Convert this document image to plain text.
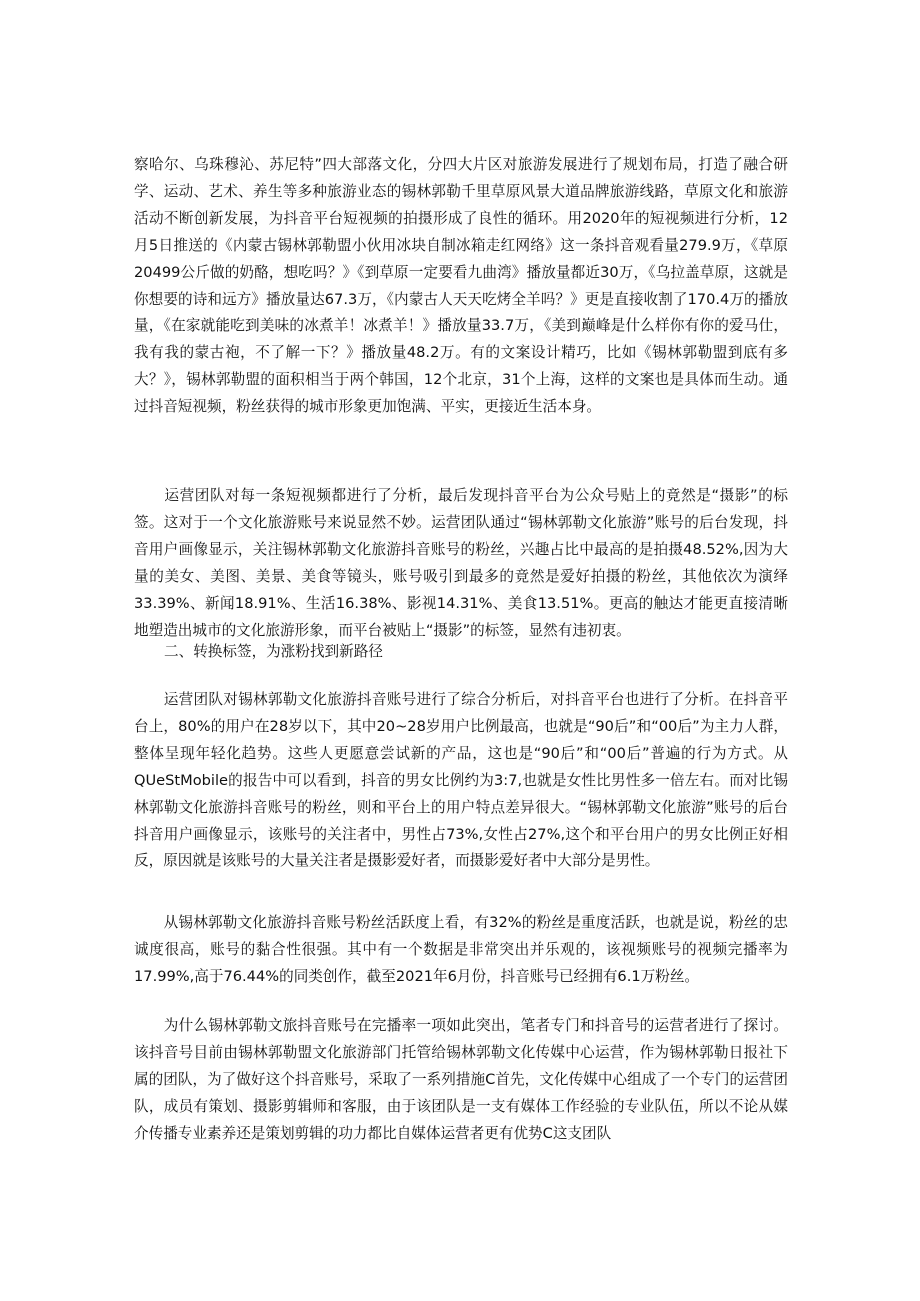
察哈尔、乌珠穆沁、苏尼特”四大部落文化，分四大片区对旅游发展进行了规划布局，打造了融合研学、运动、艺术、养生等多种旅游业态的锡林郭勒千里草原风景大道品牌旅游线路，草原文化和旅游活动不断创新发展，为抖音平台短视频的拍摄形成了良性的循环。用2020年的短视频进行分析，12月5日推送的《内蒙古锡林郭勒盟小伙用冰块自制冰箱走红网络》这一条抖音观看量279.9万，《草原20499公斤做的奶酪，想吃吗？》《到草原一定要看九曲湾》播放量都近30万，《乌拉盖草原，这就是你想要的诗和远方》播放量达67.3万，《内蒙古人天天吃烤全羊吗？》更是直接收割了170.4万的播放量，《在家就能吃到美味的冰煮羊！冰煮羊！》播放量33.7万，《美到巅峰是什么样你有你的爱马仕，我有我的蒙古袍，不了解一下？》播放量48.2万。有的文案设计精巧，比如《锡林郭勒盟到底有多大？》，锡林郭勒盟的面积相当于两个韩国，12个北京，31个上海，这样的文案也是具体而生动。通过抖音短视频，粉丝获得的城市形象更加饱满、平实，更接近生活本身。

　　运营团队对每一条短视频都进行了分析，最后发现抖音平台为公众号贴上的竟然是“摄影”的标签。这对于一个文化旅游账号来说显然不妙。运营团队通过“锡林郭勒文化旅游”账号的后台发现，抖音用户画像显示，关注锡林郭勒文化旅游抖音账号的粉丝，兴趣占比中最高的是拍摄48.52%,因为大量的美女、美图、美景、美食等镜头，账号吸引到最多的竟然是爱好拍摄的粉丝，其他依次为演绎33.39%、新闻18.91%、生活16.38%、影视14.31%、美食13.51%。更高的触达才能更直接清晰地塑造出城市的文化旅游形象，而平台被贴上“摄影”的标签，显然有违初衷。

二、转换标签，为涨粉找到新路径

　　运营团队对锡林郭勒文化旅游抖音账号进行了综合分析后，对抖音平台也进行了分析。在抖音平台上，80%的用户在28岁以下，其中20~28岁用户比例最高，也就是“90后”和“00后”为主力人群，整体呈现年轻化趋势。这些人更愿意尝试新的产品，这也是“90后”和“00后”普遍的行为方式。从QUeStMobile的报告中可以看到，抖音的男女比例约为3:7,也就是女性比男性多一倍左右。而对比锡林郭勒文化旅游抖音账号的粉丝，则和平台上的用户特点差异很大。“锡林郭勒文化旅游”账号的后台抖音用户画像显示，该账号的关注者中，男性占73%,女性占27%,这个和平台用户的男女比例正好相反，原因就是该账号的大量关注者是摄影爱好者，而摄影爱好者中大部分是男性。

　　从锡林郭勒文化旅游抖音账号粉丝活跃度上看，有32%的粉丝是重度活跃，也就是说，粉丝的忠诚度很高，账号的黏合性很强。其中有一个数据是非常突出并乐观的，该视频账号的视频完播率为17.99%,高于76.44%的同类创作，截至2021年6月份，抖音账号已经拥有6.1万粉丝。

　　为什么锡林郭勒文旅抖音账号在完播率一项如此突出，笔者专门和抖音号的运营者进行了探讨。该抖音号目前由锡林郭勒盟文化旅游部门托管给锡林郭勒文化传媒中心运营，作为锡林郭勒日报社下属的团队，为了做好这个抖音账号，采取了一系列措施C首先，文化传媒中心组成了一个专门的运营团队，成员有策划、摄影剪辑师和客服，由于该团队是一支有媒体工作经验的专业队伍，所以不论从媒介传播专业素养还是策划剪辑的功力都比自媒体运营者更有优势C这支团队
